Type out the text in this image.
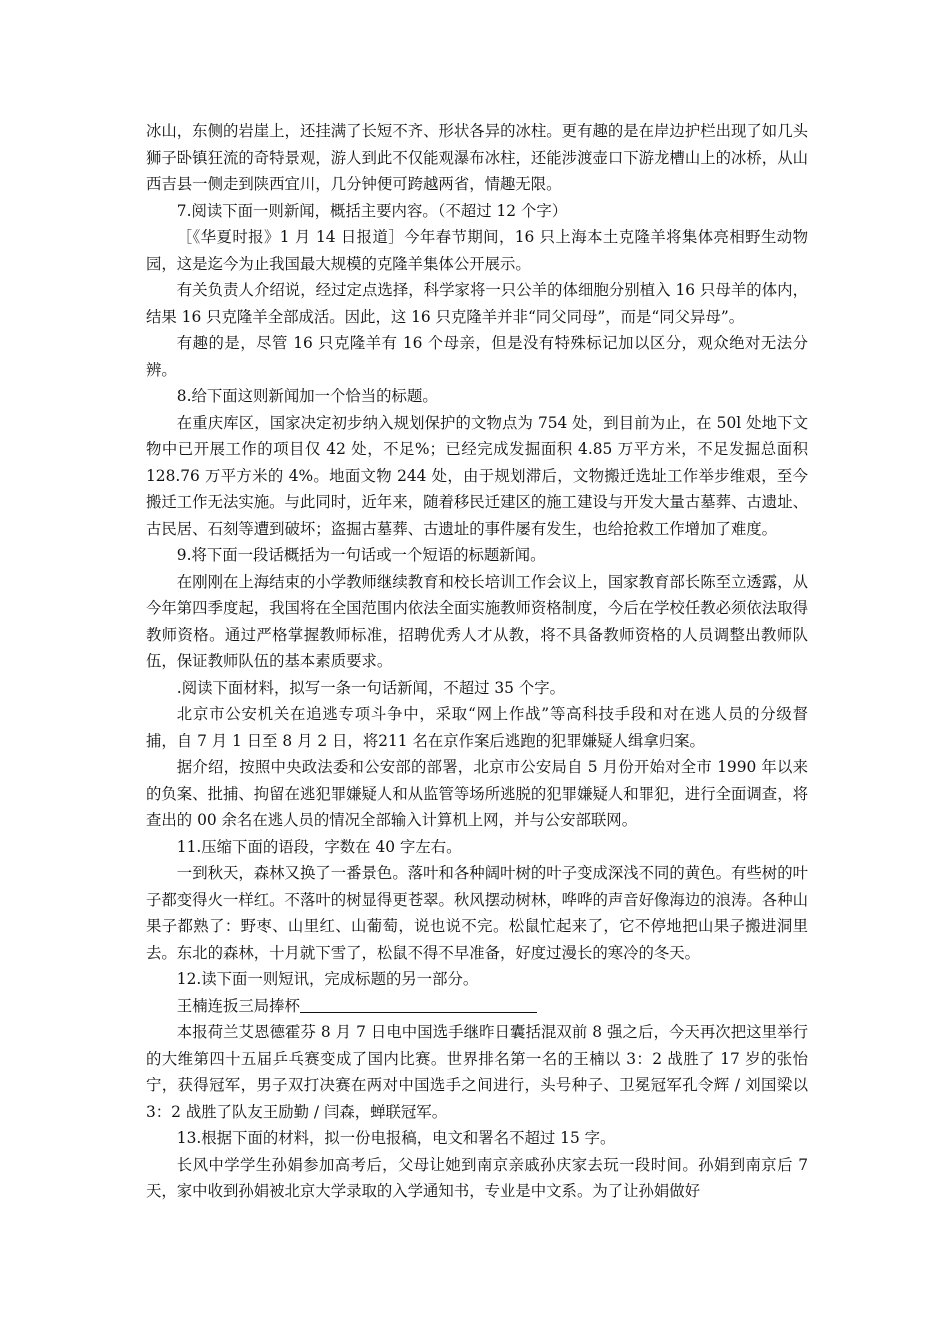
冰山，东侧的岩崖上，还挂满了长短不齐、形状各异的冰柱。更有趣的是在岸边护栏出现了如几头狮子卧镇狂流的奇特景观，游人到此不仅能观瀑布冰柱，还能涉渡壶口下游龙槽山上的冰桥，从山西吉县一侧走到陕西宜川，几分钟便可跨越两省，情趣无限。

7.阅读下面一则新闻，概括主要内容。（不超过 12 个字）

［《华夏时报》1 月 14 日报道］今年春节期间，16 只上海本土克隆羊将集体亮相野生动物园，这是迄今为止我国最大规模的克隆羊集体公开展示。

有关负责人介绍说，经过定点选择，科学家将一只公羊的体细胞分别植入 16 只母羊的体内，结果 16 只克隆羊全部成活。因此，这 16 只克隆羊并非“同父同母”，而是“同父异母”。

有趣的是，尽管 16 只克隆羊有 16 个母亲，但是没有特殊标记加以区分，观众绝对无法分辨。

8.给下面这则新闻加一个恰当的标题。

在重庆库区，国家决定初步纳入规划保护的文物点为 754 处，到目前为止，在 50l 处地下文物中已开展工作的项目仅 42 处，不足%；已经完成发掘面积 4.85 万平方米，不足发掘总面积 128.76 万平方米的 4%。地面文物 244 处，由于规划滞后，文物搬迁选址工作举步维艰，至今搬迁工作无法实施。与此同时，近年来，随着移民迁建区的施工建设与开发大量古墓葬、古遗址、古民居、石刻等遭到破坏；盗掘古墓葬、古遗址的事件屡有发生，也给抢救工作增加了难度。

9.将下面一段话概括为一句话或一个短语的标题新闻。

在刚刚在上海结束的小学教师继续教育和校长培训工作会议上，国家教育部长陈至立透露，从今年第四季度起，我国将在全国范围内依法全面实施教师资格制度，今后在学校任教必须依法取得教师资格。通过严格掌握教师标准，招聘优秀人才从教，将不具备教师资格的人员调整出教师队伍，保证教师队伍的基本素质要求。

.阅读下面材料，拟写一条一句话新闻，不超过 35 个字。

北京市公安机关在追逃专项斗争中，采取“网上作战”等高科技手段和对在逃人员的分级督捕，自 7 月 1 日至 8 月 2 日，将211 名在京作案后逃跑的犯罪嫌疑人缉拿归案。

据介绍，按照中央政法委和公安部的部署，北京市公安局自 5 月份开始对全市 1990 年以来的负案、批捕、拘留在逃犯罪嫌疑人和从监管等场所逃脱的犯罪嫌疑人和罪犯，进行全面调查，将查出的 00 余名在逃人员的情况全部输入计算机上网，并与公安部联网。

11.压缩下面的语段，字数在 40 字左右。

一到秋天，森林又换了一番景色。落叶和各种阔叶树的叶子变成深浅不同的黄色。有些树的叶子都变得火一样红。不落叶的树显得更苍翠。秋风摆动树林，哗哗的声音好像海边的浪涛。各种山果子都熟了：野枣、山里红、山葡萄，说也说不完。松鼠忙起来了，它不停地把山果子搬进洞里去。东北的森林，十月就下雪了，松鼠不得不早准备，好度过漫长的寒冷的冬天。

12.读下面一则短讯，完成标题的另一部分。

王楠连扳三局捧杯

本报荷兰艾恩德霍芬 8 月 7 日电中国选手继昨日囊括混双前 8 强之后，今天再次把这里举行的大维第四十五届乒乓赛变成了国内比赛。世界排名第一名的王楠以 3：2 战胜了 17 岁的张怡宁，获得冠军，男子双打决赛在两对中国选手之间进行，头号种子、卫冕冠军孔令辉 / 刘国梁以 3：2 战胜了队友王励勤 / 闫森，蝉联冠军。

13.根据下面的材料，拟一份电报稿，电文和署名不超过 15 字。

长风中学学生孙娟参加高考后，父母让她到南京亲戚孙庆家去玩一段时间。孙娟到南京后 7 天，家中收到孙娟被北京大学录取的入学通知书，专业是中文系。为了让孙娟做好
